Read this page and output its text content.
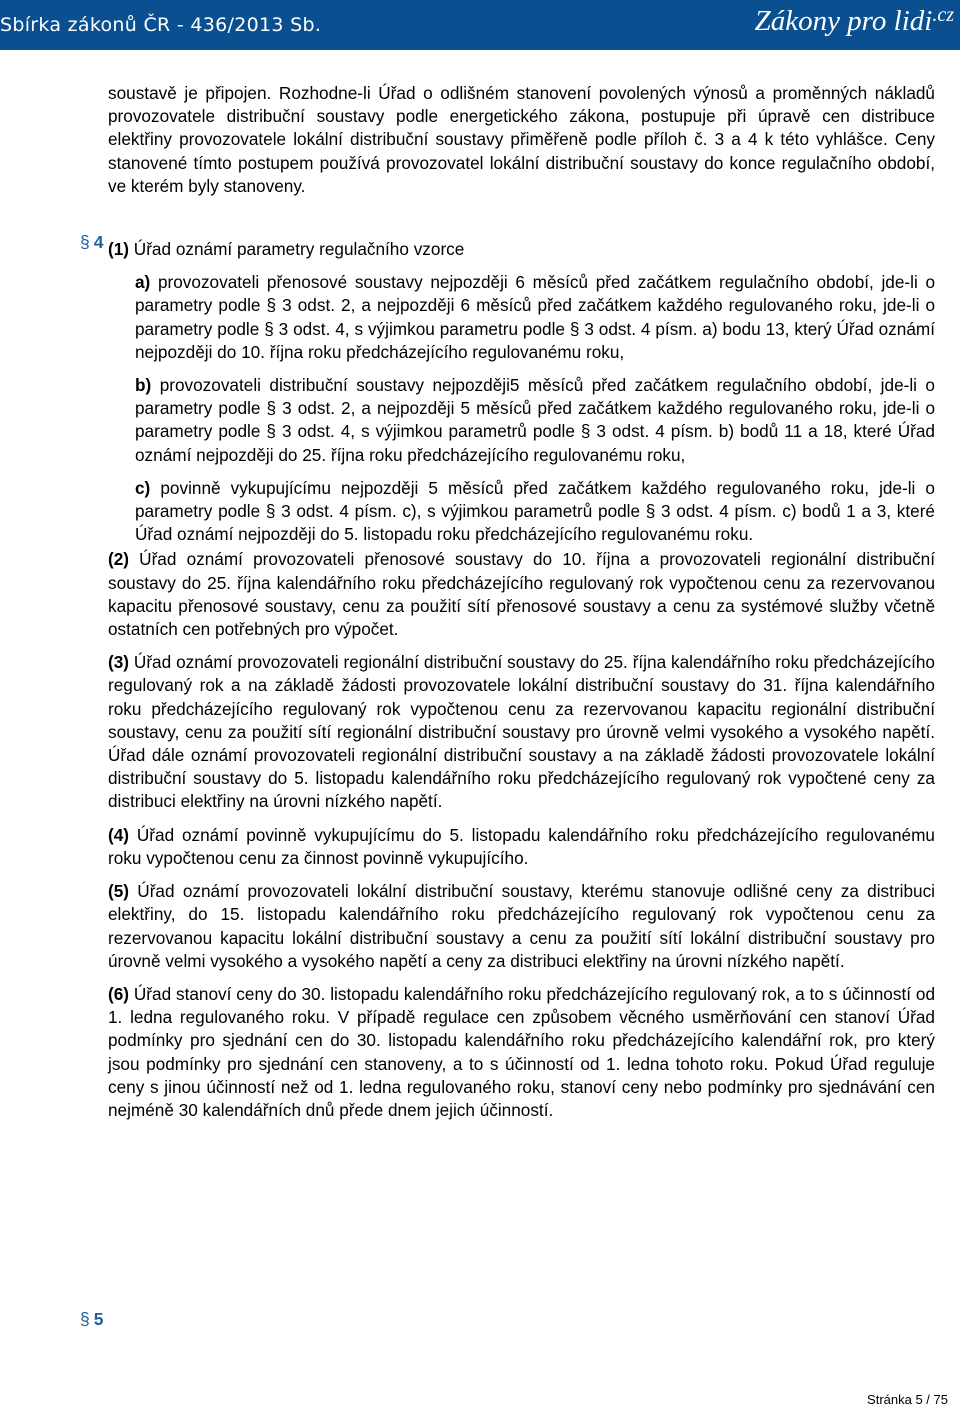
Sbírka zákonů ČR - 436/2013 Sb.	Zákony pro lidi$^{.cz}$
§ 4
§ 5

soustavě je připojen. Rozhodne-li Úřad o odlišném stanovení povolených výnosů a proměnných nákladů provozovatele distribuční soustavy podle energetického zákona, postupuje při úpravě cen distribuce elektřiny provozovatele lokální distribuční soustavy přiměřeně podle příloh č. 3 a 4 k této vyhlášce. Ceny stanovené tímto postupem používá provozovatel lokální distribuční soustavy do konce regulačního období, ve kterém byly stanoveny.

(1) Úřad oznámí parametry regulačního vzorce

a) provozovateli přenosové soustavy nejpozději 6 měsíců před začátkem regulačního období, jde-li o parametry podle § 3 odst. 2, a nejpozději 6 měsíců před začátkem každého regulovaného roku, jde-li o parametry podle § 3 odst. 4, s výjimkou parametru podle § 3 odst. 4 písm. a) bodu 13, který Úřad oznámí nejpozději do 10. října roku předcházejícího regulovanému roku,

b) provozovateli distribuční soustavy nejpozději5 měsíců před začátkem regulačního období, jde-li o parametry podle § 3 odst. 2, a nejpozději 5 měsíců před začátkem každého regulovaného roku, jde-li o parametry podle § 3 odst. 4, s výjimkou parametrů podle § 3 odst. 4 písm. b) bodů 11 a 18, které Úřad oznámí nejpozději do 25. října roku předcházejícího regulovanému roku,

c) povinně vykupujícímu nejpozději 5 měsíců před začátkem každého regulovaného roku, jde-li o parametry podle § 3 odst. 4 písm. c), s výjimkou parametrů podle § 3 odst. 4 písm. c) bodů 1 a 3, které Úřad oznámí nejpozději do 5. listopadu roku předcházejícího regulovanému roku.

(2) Úřad oznámí provozovateli přenosové soustavy do 10. října a provozovateli regionální distribuční soustavy do 25. října kalendářního roku předcházejícího regulovaný rok vypočtenou cenu za rezervovanou kapacitu přenosové soustavy, cenu za použití sítí přenosové soustavy a cenu za systémové služby včetně ostatních cen potřebných pro výpočet.

(3) Úřad oznámí provozovateli regionální distribuční soustavy do 25. října kalendářního roku předcházejícího regulovaný rok a na základě žádosti provozovatele lokální distribuční soustavy do 31. října kalendářního roku předcházejícího regulovaný rok vypočtenou cenu za rezervovanou kapacitu regionální distribuční soustavy, cenu za použití sítí regionální distribuční soustavy pro úrovně velmi vysokého a vysokého napětí. Úřad dále oznámí provozovateli regionální distribuční soustavy a na základě žádosti provozovatele lokální distribuční soustavy do 5. listopadu kalendářního roku předcházejícího regulovaný rok vypočtené ceny za distribuci elektřiny na úrovni nízkého napětí.

(4) Úřad oznámí povinně vykupujícímu do 5. listopadu kalendářního roku předcházejícího regulovanému roku vypočtenou cenu za činnost povinně vykupujícího.

(5) Úřad oznámí provozovateli lokální distribuční soustavy, kterému stanovuje odlišné ceny za distribuci elektřiny, do 15. listopadu kalendářního roku předcházejícího regulovaný rok vypočtenou cenu za rezervovanou kapacitu lokální distribuční soustavy a cenu za použití sítí lokální distribuční soustavy pro úrovně velmi vysokého a vysokého napětí a ceny za distribuci elektřiny na úrovni nízkého napětí.

(6) Úřad stanoví ceny do 30. listopadu kalendářního roku předcházejícího regulovaný rok, a to s účinností od 1. ledna regulovaného roku. V případě regulace cen způsobem věcného usměrňování cen stanoví Úřad podmínky pro sjednání cen do 30. listopadu kalendářního roku předcházejícího kalendářní rok, pro který jsou podmínky pro sjednání cen stanoveny, a to s účinností od 1. ledna tohoto roku. Pokud Úřad reguluje ceny s jinou účinností než od 1. ledna regulovaného roku, stanoví ceny nebo podmínky pro sjednávání cen nejméně 30 kalendářních dnů přede dnem jejich účinností.

Stránka 5 / 75
